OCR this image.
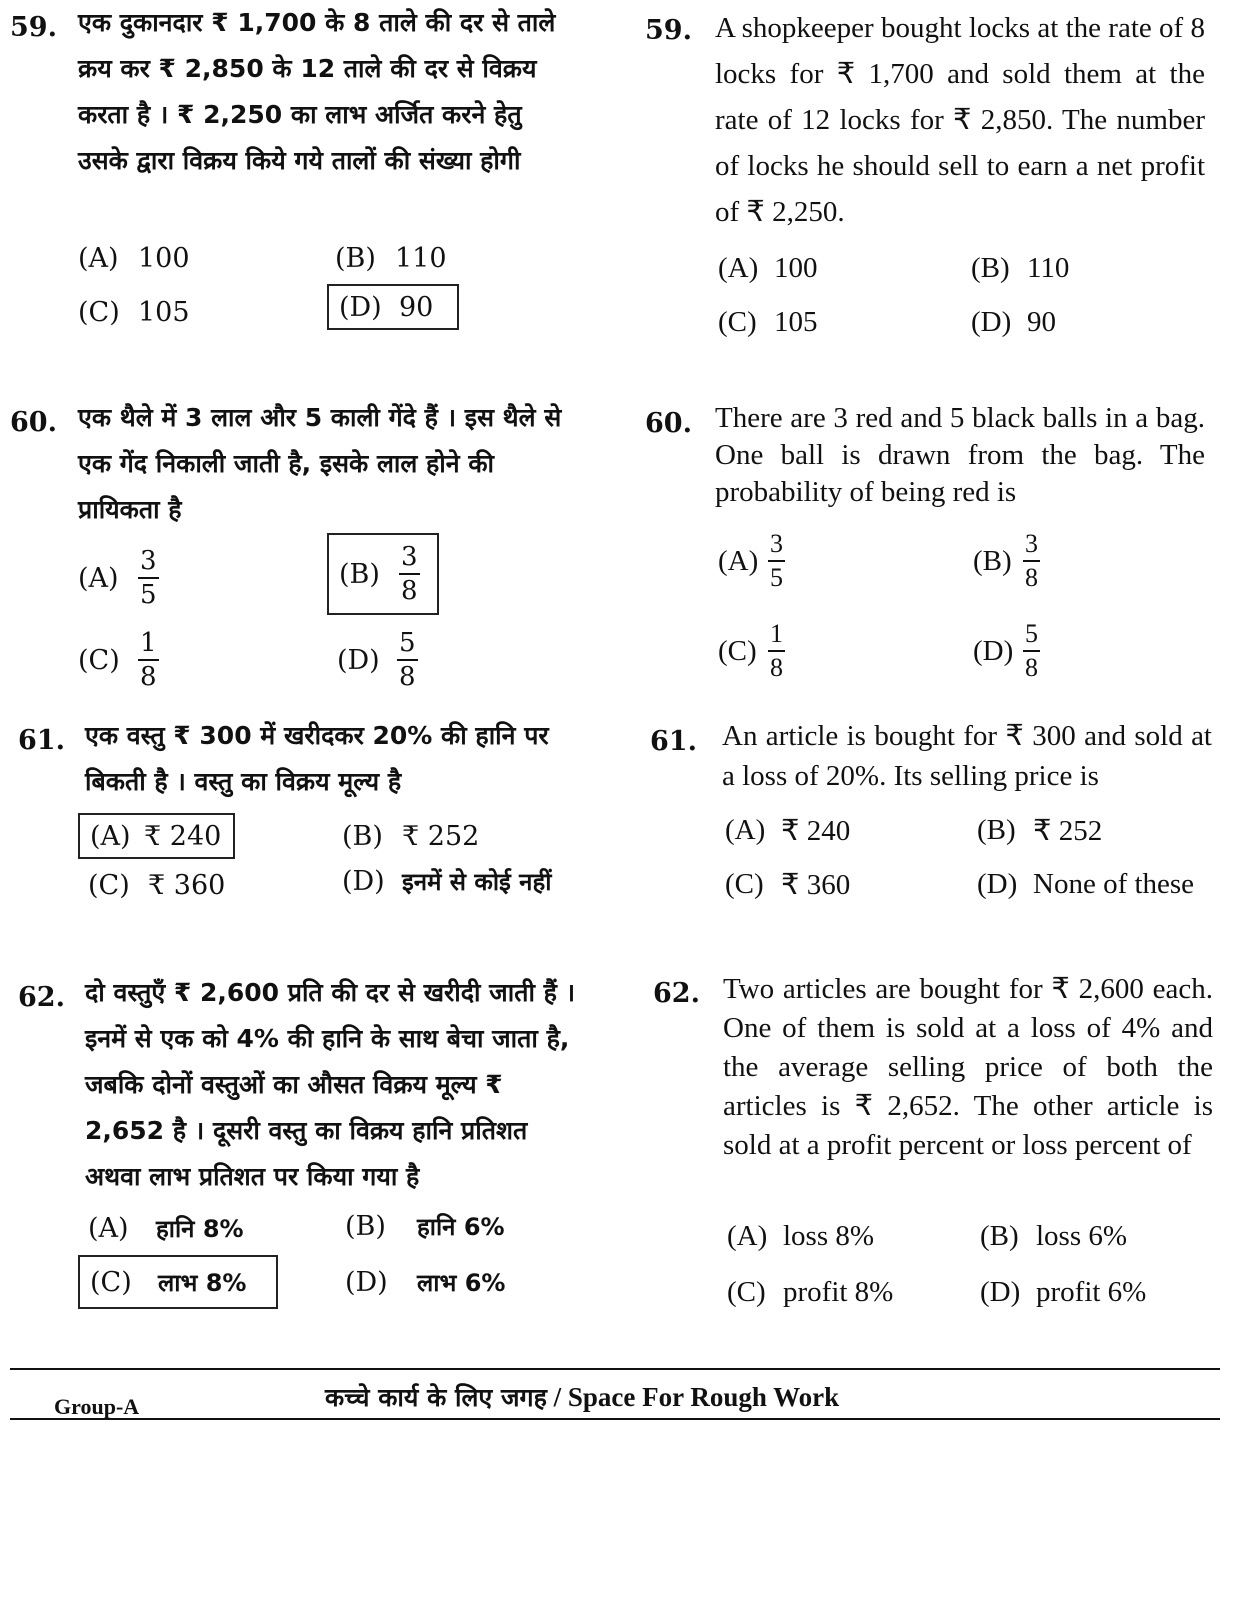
59. एक दुकानदार ₹ 1,700 के 8 ताले की दर से ताले क्रय कर ₹ 2,850 के 12 ताले की दर से विक्रय करता है । ₹ 2,250 का लाभ अर्जित करने हेतु उसके द्वारा विक्रय किये गये तालों की संख्या होगी
(A) 100	(B) 110
(C) 105	(D) 90
60. एक थैले में 3 लाल और 5 काली गेंदे हैं । इस थैले से एक गेंद निकाली जाती है, इसके लाल होने की प्रायिकता है
$(A) \frac{3}{5}$	$(B) \frac{3}{8}$
$(C) \frac{1}{8}$	$(D) \frac{5}{8}$
61. एक वस्तु ₹ 300 में खरीदकर 20% की हानि पर बिकती है । वस्तु का विक्रय मूल्य है
(A) ₹ 240	(B) ₹ 252
(C) ₹ 360	(D) इनमें से कोई नहीं
62. दो वस्तुएँ ₹ 2,600 प्रति की दर से खरीदी जाती हैं । इनमें से एक को 4% की हानि के साथ बेचा जाता है, जबकि दोनों वस्तुओं का औसत विक्रय मूल्य ₹ 2,652 है । दूसरी वस्तु का विक्रय हानि प्रतिशत अथवा लाभ प्रतिशत पर किया गया है
(A)	हानि 8%	(B)	हानि 6%
(C)	लाभ 8%	(D)	लाभ 6%
59. A shopkeeper bought locks at the rate of 8 locks for ₹ 1,700 and sold them at the rate of 12 locks for ₹ 2,850. The number of locks he should sell to earn a net profit of ₹ 2,250.
(A) 100	(B) 110
(C) 105	(D) 90
60. There are 3 red and 5 black balls in a bag. One ball is drawn from the bag. The probability of being red is
$(A) \frac{3}{5}$	$(B) \frac{3}{8}$
$(C) \frac{1}{8}$	$(D) \frac{5}{8}$
61. An article is bought for ₹ 300 and sold at a loss of 20%. Its selling price is
(A) ₹ 240	(B) ₹ 252
(C) ₹ 360	(D) None of these
62. Two articles are bought for ₹ 2,600 each. One of them is sold at a loss of 4% and the average selling price of both the articles is ₹ 2,652. The other article is sold at a profit percent or loss percent of
(A) loss 8%	(B) loss 6%
(C) profit 8%	(D) profit 6%
Group-A	कच्चे कार्य के लिए जगह / Space For Rough Work
